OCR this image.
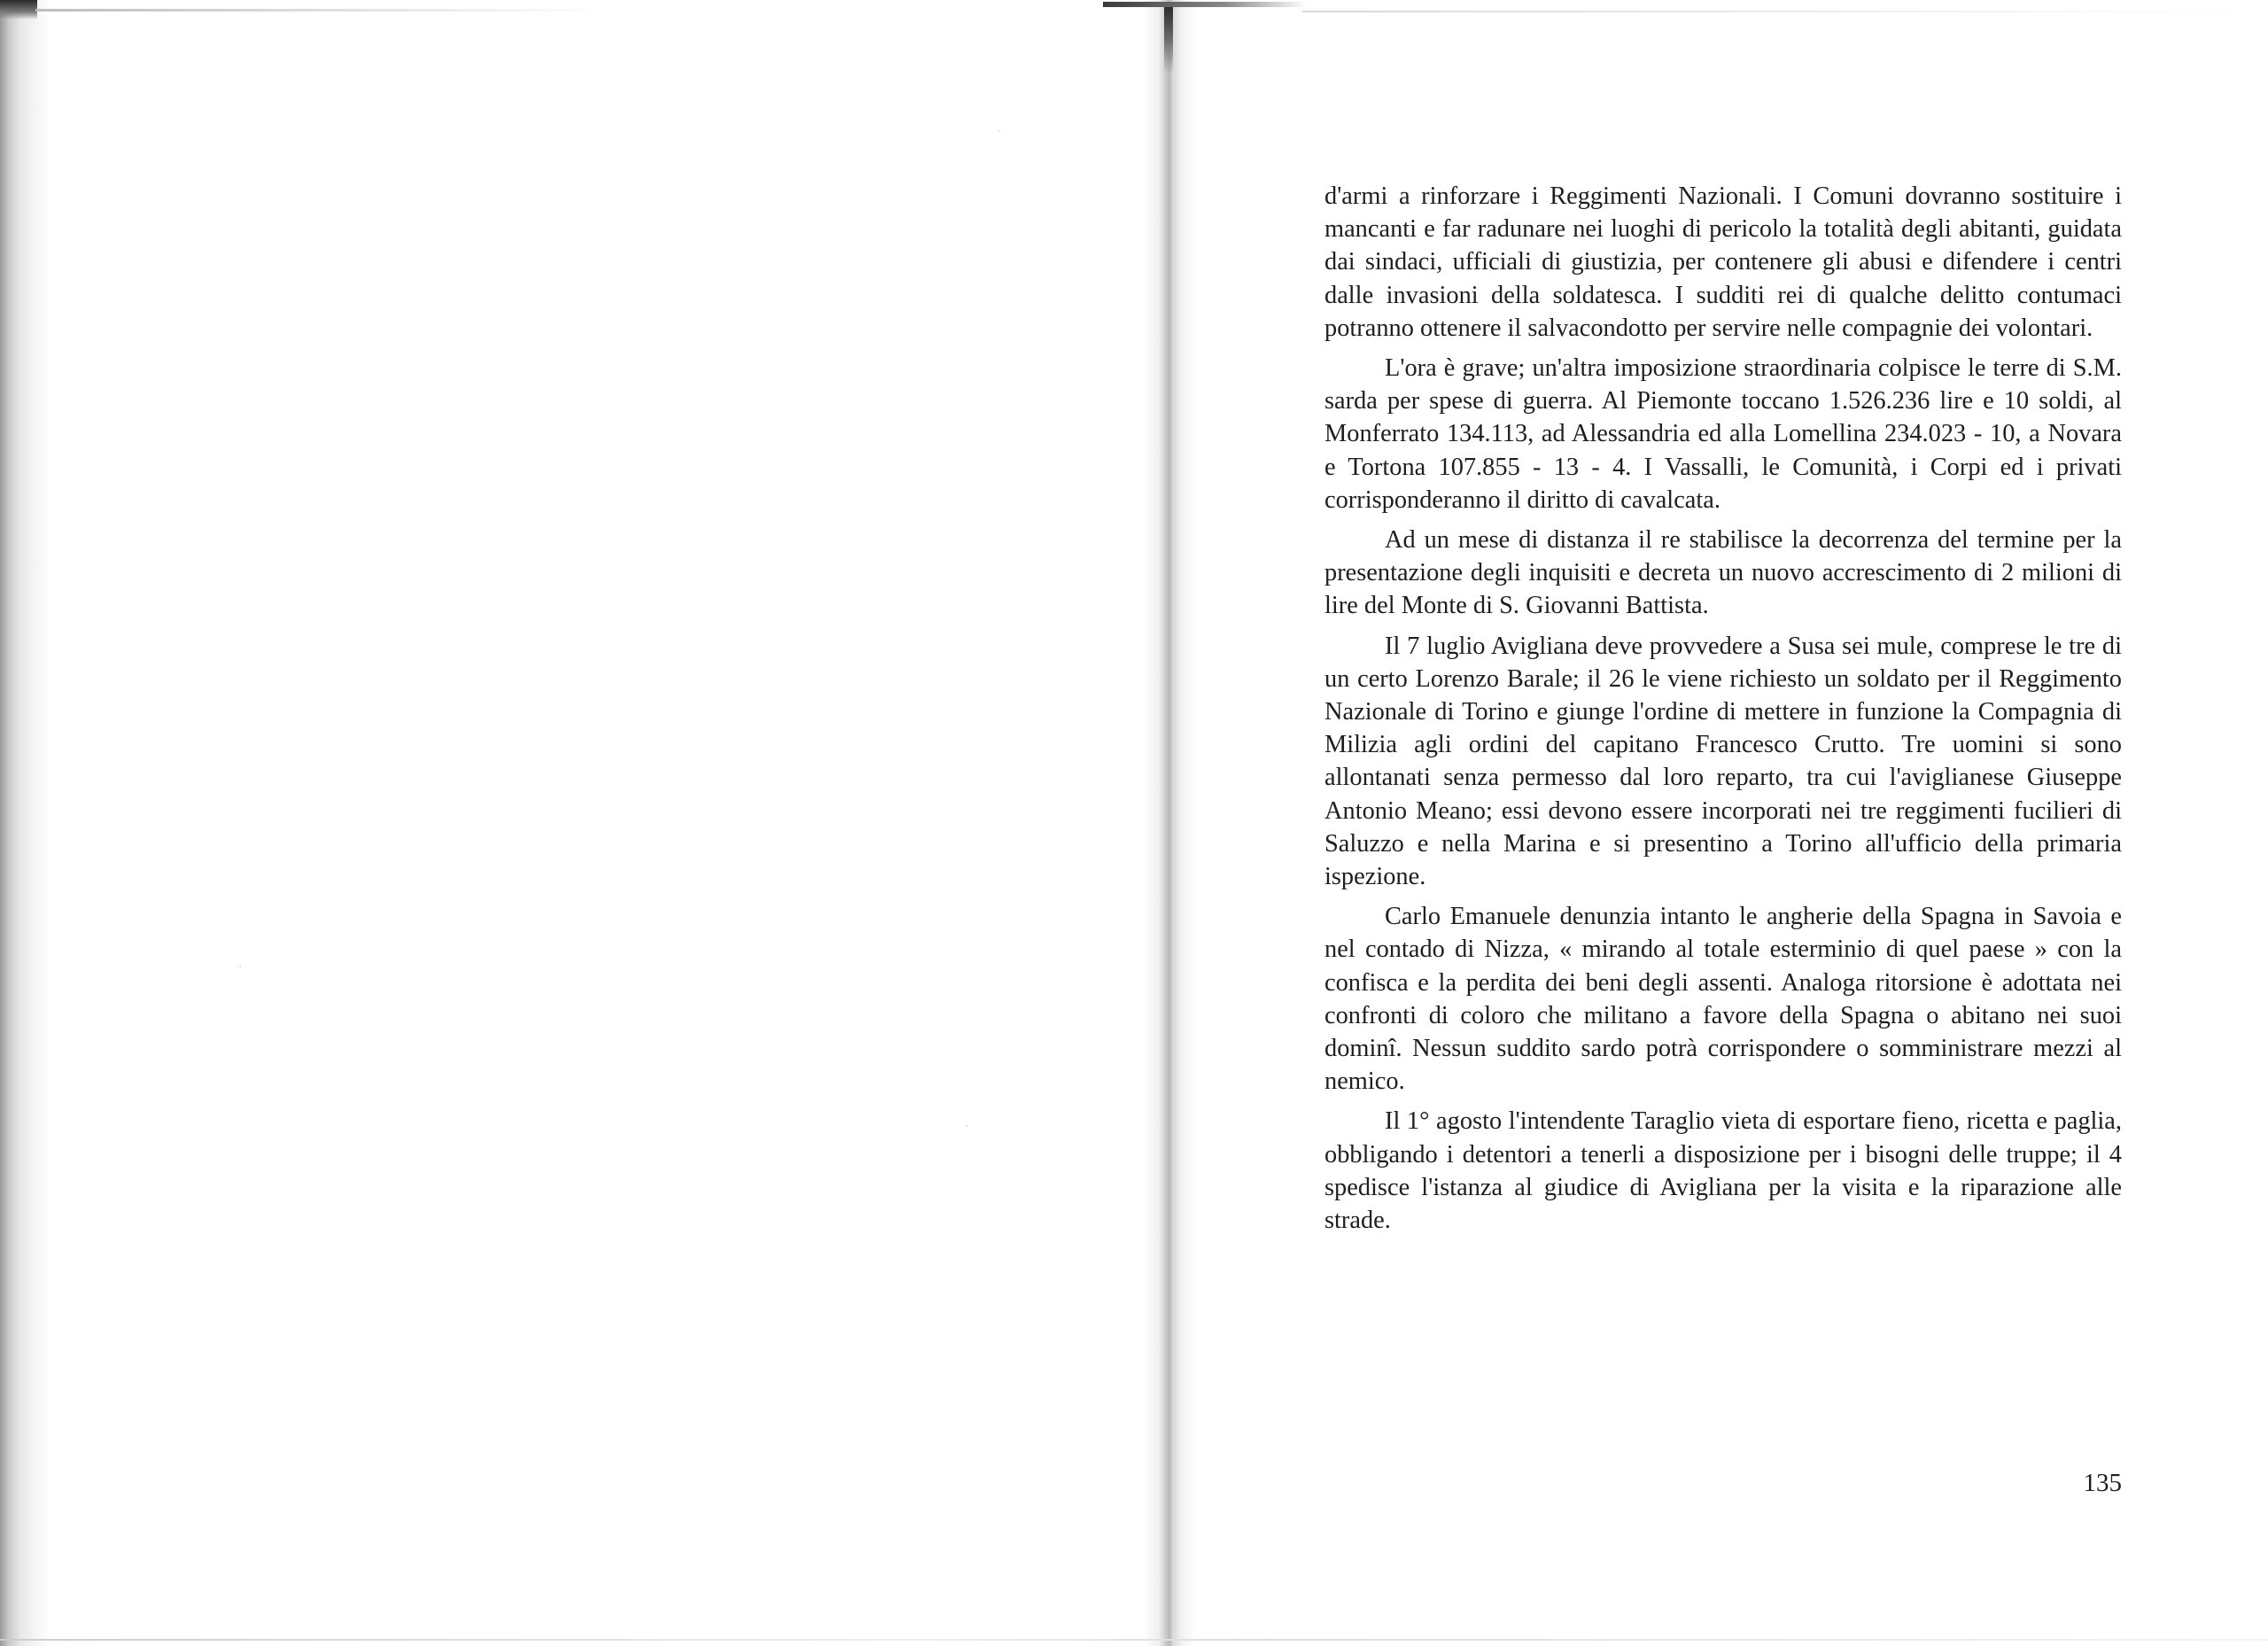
d'armi a rinforzare i Reggimenti Nazionali. I Comuni dovranno sostituire i mancanti e far radunare nei luoghi di pericolo la totalità degli abitanti, guidata dai sindaci, ufficiali di giustizia, per contenere gli abusi e difendere i centri dalle invasioni della soldatesca. I sudditi rei di qualche delitto contumaci potranno ottenere il salvacondotto per servire nelle compagnie dei volontari.

L'ora è grave; un'altra imposizione straordinaria colpisce le terre di S.M. sarda per spese di guerra. Al Piemonte toccano 1.526.236 lire e 10 soldi, al Monferrato 134.113, ad Alessandria ed alla Lomellina 234.023 - 10, a Novara e Tortona 107.855 - 13 - 4. I Vassalli, le Comunità, i Corpi ed i privati corrisponderanno il diritto di cavalcata.

Ad un mese di distanza il re stabilisce la decorrenza del termine per la presentazione degli inquisiti e decreta un nuovo accrescimento di 2 milioni di lire del Monte di S. Giovanni Battista.

Il 7 luglio Avigliana deve provvedere a Susa sei mule, comprese le tre di un certo Lorenzo Barale; il 26 le viene richiesto un soldato per il Reggimento Nazionale di Torino e giunge l'ordine di mettere in funzione la Compagnia di Milizia agli ordini del capitano Francesco Crutto. Tre uomini si sono allontanati senza permesso dal loro reparto, tra cui l'aviglianese Giuseppe Antonio Meano; essi devono essere incorporati nei tre reggimenti fucilieri di Saluzzo e nella Marina e si presentino a Torino all'ufficio della primaria ispezione.

Carlo Emanuele denunzia intanto le angherie della Spagna in Savoia e nel contado di Nizza, « mirando al totale esterminio di quel paese » con la confisca e la perdita dei beni degli assenti. Analoga ritorsione è adottata nei confronti di coloro che militano a favore della Spagna o abitano nei suoi dominî. Nessun suddito sardo potrà corrispondere o somministrare mezzi al nemico.

Il 1° agosto l'intendente Taraglio vieta di esportare fieno, ricetta e paglia, obbligando i detentori a tenerli a disposizione per i bisogni delle truppe; il 4 spedisce l'istanza al giudice di Avigliana per la visita e la riparazione alle strade.

135
